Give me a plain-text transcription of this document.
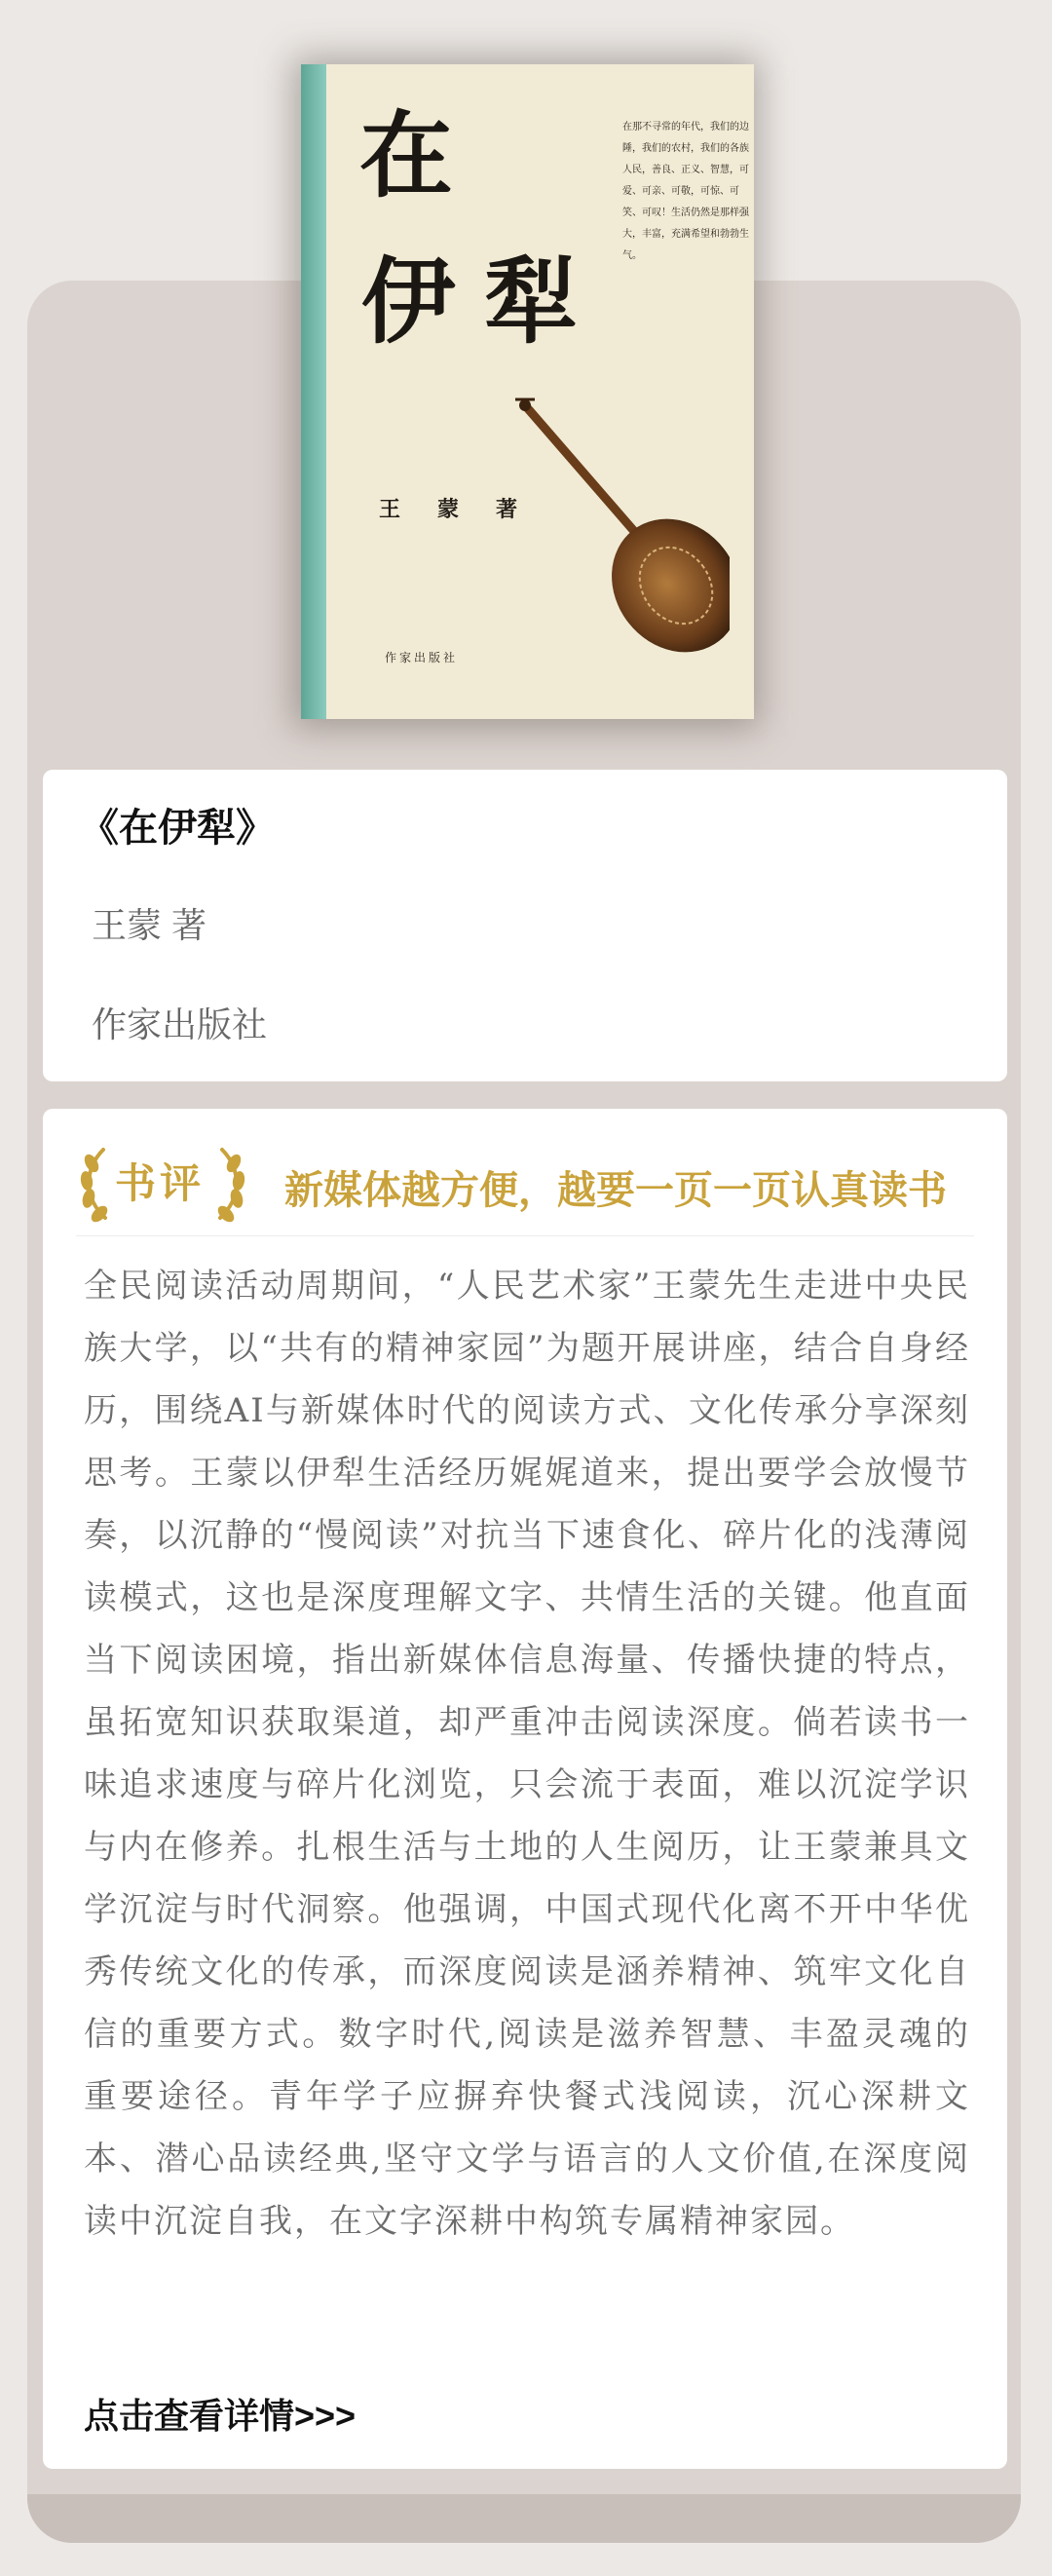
在
伊犁
在那不寻常的年代，我们的边陲，我们的农村，我们的各族人民，善良、正义、智慧，可爱、可亲、可敬，可惊、可笑、可叹！生活仍然是那样强大，丰富，充满希望和勃勃生气。
王蒙著
作家出版社
《在伊犁》
王蒙 著
作家出版社
书评 新媒体越方便，越要一页一页认真读书
全民阅读活动周期间，“人民艺术家”王蒙先生走进中央民族大学，以“共有的精神家园”为题开展讲座，结合自身经历，围绕AI与新媒体时代的阅读方式、文化传承分享深刻思考。王蒙以伊犁生活经历娓娓道来，提出要学会放慢节奏，以沉静的“慢阅读”对抗当下速食化、碎片化的浅薄阅读模式，这也是深度理解文字、共情生活的关键。他直面当下阅读困境，指出新媒体信息海量、传播快捷的特点，虽拓宽知识获取渠道，却严重冲击阅读深度。倘若读书一味追求速度与碎片化浏览，只会流于表面，难以沉淀学识与内在修养。扎根生活与土地的人生阅历，让王蒙兼具文学沉淀与时代洞察。他强调，中国式现代化离不开中华优秀传统文化的传承，而深度阅读是涵养精神、筑牢文化自信的重要方式。数字时代,阅读是滋养智慧、丰盈灵魂的重要途径。青年学子应摒弃快餐式浅阅读，沉心深耕文本、潜心品读经典,坚守文学与语言的人文价值,在深度阅读中沉淀自我，在文字深耕中构筑专属精神家园。
点击查看详情>>>
